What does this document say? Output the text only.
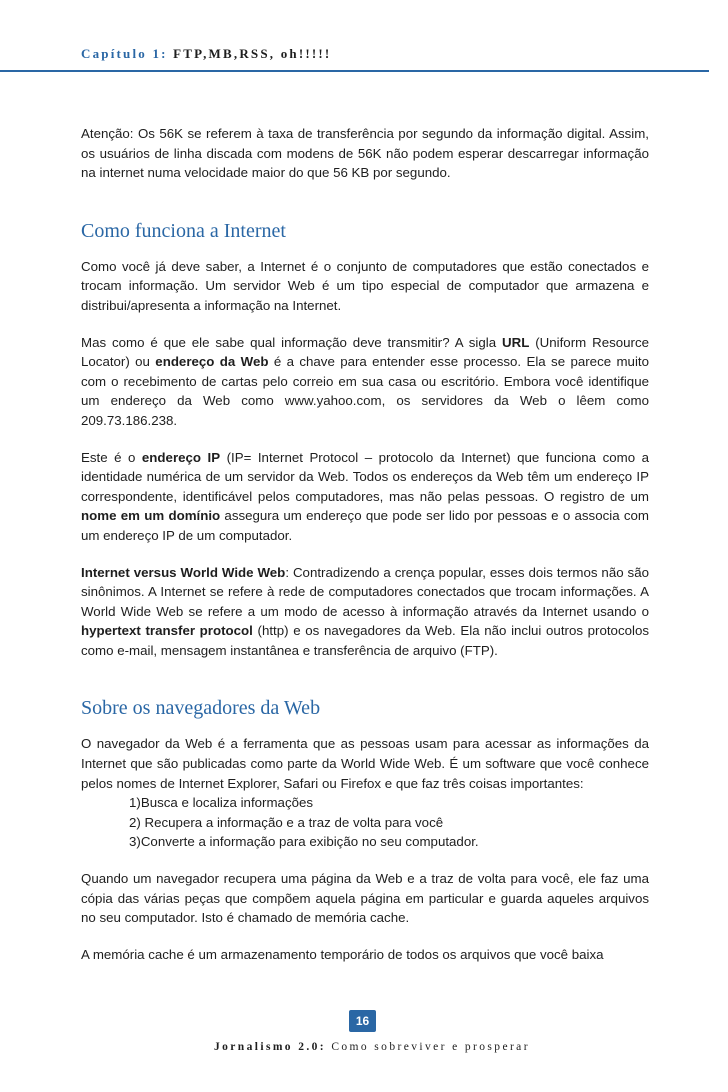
Capítulo 1: FTP,MB,RSS, oh!!!!!

Atenção: Os 56K se referem à taxa de transferência por segundo da informação digital. Assim, os usuários de linha discada com modens de 56K não podem esperar descarregar informação na internet numa velocidade maior do que 56 KB por segundo.

Como funciona a Internet

Como você já deve saber, a Internet é o conjunto de computadores que estão conectados e trocam informação. Um servidor Web é um tipo especial de computador que armazena e distribui/apresenta a informação na Internet.

Mas como é que ele sabe qual informação deve transmitir? A sigla URL (Uniform Resource Locator) ou endereço da Web é a chave para entender esse processo. Ela se parece muito com o recebimento de cartas pelo correio em sua casa ou escritório. Embora você identifique um endereço da Web como www.yahoo.com, os servidores da Web o lêem como 209.73.186.238.

Este é o endereço IP (IP= Internet Protocol – protocolo da Internet) que funciona como a identidade numérica de um servidor da Web. Todos os endereços da Web têm um endereço IP correspondente, identificável pelos computadores, mas não pelas pessoas. O registro de um nome em um domínio assegura um endereço que pode ser lido por pessoas e o associa com um endereço IP de um computador.

Internet versus World Wide Web: Contradizendo a crença popular, esses dois termos não são sinônimos. A Internet se refere à rede de computadores conectados que trocam informações. A World Wide Web se refere a um modo de acesso à informação através da Internet usando o hypertext transfer protocol (http) e os navegadores da Web. Ela não inclui outros protocolos como e-mail, mensagem instantânea e transferência de arquivo (FTP).

Sobre os navegadores da Web

O navegador da Web é a ferramenta que as pessoas usam para acessar as informações da Internet que são publicadas como parte da World Wide Web. É um software que você conhece pelos nomes de Internet Explorer, Safari ou Firefox e que faz três coisas importantes:

1)Busca e localiza informações
2) Recupera a informação e a traz de volta para você
3)Converte a informação para exibição no seu computador.

Quando um navegador recupera uma página da Web e a traz de volta para você, ele faz uma cópia das várias peças que compõem aquela página em particular e guarda aqueles arquivos no seu computador. Isto é chamado de memória cache.

A memória cache é um armazenamento temporário de todos os arquivos que você baixa

16
Jornalismo 2.0: Como sobreviver e prosperar
